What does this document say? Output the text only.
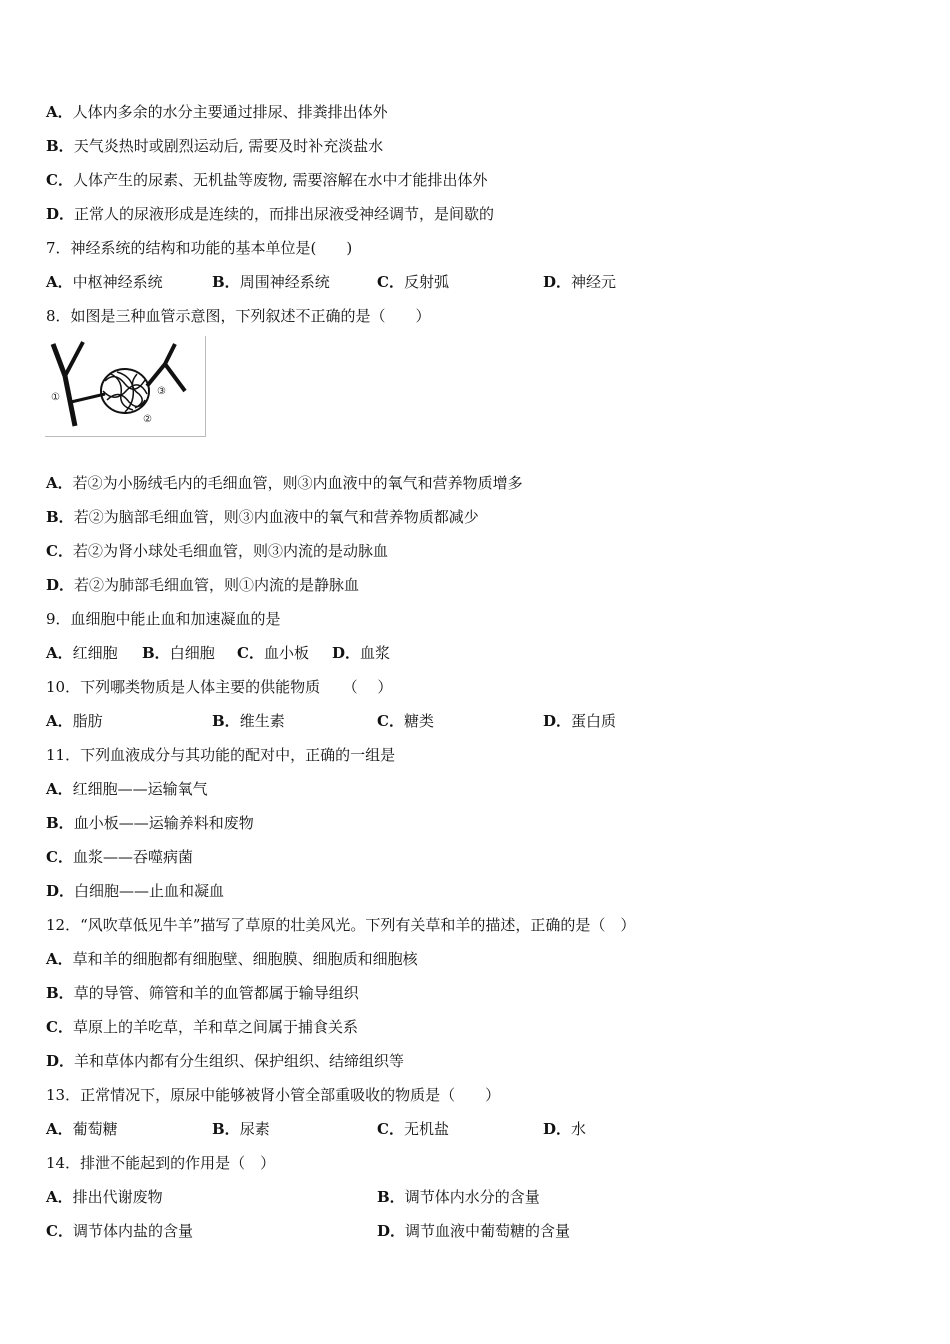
A．人体内多余的水分主要通过排尿、排粪排出体外
B．天气炎热时或剧烈运动后, 需要及时补充淡盐水
C．人体产生的尿素、无机盐等废物, 需要溶解在水中才能排出体外
D．正常人的尿液形成是连续的，而排出尿液受神经调节，是间歇的
7．神经系统的结构和功能的基本单位是(　　)
A．中枢神经系统	B．周围神经系统	C．反射弧	D．神经元
8．如图是三种血管示意图，下列叙述不正确的是（　　）
①
②
③
A．若②为小肠绒毛内的毛细血管，则③内血液中的氧气和营养物质增多
B．若②为脑部毛细血管，则③内血液中的氧气和营养物质都减少
C．若②为肾小球处毛细血管，则③内流的是动脉血
D．若②为肺部毛细血管，则①内流的是静脉血
9．血细胞中能止血和加速凝血的是
A．红细胞 B．白细胞 C．血小板 D．血浆
10．下列哪类物质是人体主要的供能物质　　（　 ）
A．脂肪	B．维生素	C．糖类	D．蛋白质
11．下列血液成分与其功能的配对中，正确的一组是
A．红细胞——运输氧气
B．血小板——运输养料和废物
C．血浆——吞噬病菌
D．白细胞——止血和凝血
12．“风吹草低见牛羊”描写了草原的壮美风光。下列有关草和羊的描述，正确的是（　）
A．草和羊的细胞都有细胞壁、细胞膜、细胞质和细胞核
B．草的导管、筛管和羊的血管都属于输导组织
C．草原上的羊吃草，羊和草之间属于捕食关系
D．羊和草体内都有分生组织、保护组织、结缔组织等
13．正常情况下，原尿中能够被肾小管全部重吸收的物质是（　　）
A．葡萄糖	B．尿素	C．无机盐	D．水
14．排泄不能起到的作用是（　）
A．排出代谢废物	B．调节体内水分的含量
C．调节体内盐的含量	D．调节血液中葡萄糖的含量
